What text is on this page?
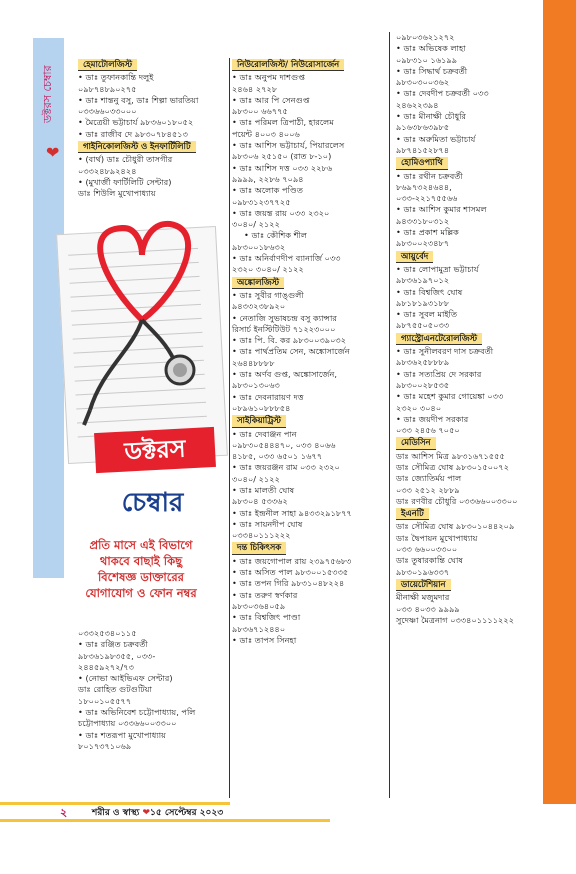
ডক্টরস চেম্বার
❤
হেমাটোলজিস্ট
• ডাঃ তুফানকান্তি দলুই
০৯৮৭৪৮৯০২৭৫
• ডাঃ শান্তনু বসু, ডাঃ শিল্পা ভারতিয়া
০৩৩৬৬০৩৩০০০
• মৈত্রেয়ী ভট্টাচার্য ৯৮৩৬০১৮০৫২
• ডাঃ রাজীব দে ৯৮৩০৭৮৪৫১৩
গাইনিকোলজিস্ট ও ইনফার্টিলিটি
• (বার্থ) ডাঃ চৌধুরী তাসগীর
০৩৩২৪৮৯২৪২৪
• (মুখার্জী ফার্টিলিটি সেন্টার)
ডাঃ শিউলি মুখোপাধ্যায়
ডক্টরস
চেম্বার
প্রতি মাসে এই বিভাগে
থাকবে বাছাই কিছু
বিশেষজ্ঞ ডাক্তারের
যোগাযোগ ও ফোন নম্বর
০৩৩২৫৩৪০১১৫
• ডাঃ রঞ্জিত চক্রবর্তী
৯৮৩৬১৯৮৩৫৫, ০৩৩-
২৪৪৫৯২৭২/৭৩
• (নোভা আইভিএফ সেন্টার)
ডাঃ রোহিত গুটগুটিয়া
১৮০০১০৫৫৭৭
• ডাঃ অভিনিবেশ চট্টোপাধ্যায়, পলি
চট্টোপাধ্যায় ০৩৩৬৬০০৩৩০০
• ডাঃ শতরূপা মুখোপাধ্যায়
৮০১৭৩৭১০৬৯
নিউরোলজিস্ট/ নিউরোসার্জেন
• ডাঃ অনুপম দাশগুপ্ত
২৪৬৪ ২৭২৮
• ডাঃ আর পি সেনগুপ্ত
৯৮৩০০ ৬৬৭৭৫
• ডাঃ পরিমল ত্রিপাঠী, হারলেম
পয়েন্ট ৪০০৩ ৪০০৬
• ডাঃ আশিস ভট্টাচার্য, পিয়ারলেস
৯৮৩০৬ ২৫১৫০ (রাত ৮-১০)
• ডাঃ আশিস দত্ত ০৩৩ ২২৮৬
৯৯৯৯, ২২৮৬ ৭০৯৪
• ডাঃ অলোক পণ্ডিত
০৯৮৩১২৩৭৭২৫
• ডাঃ জয়ন্ত রায় ০৩৩ ২৩২০
৩০৪০/ ২১২২
• ডাঃ কৌশিক শীল
৯৮৩০০১৮৬৩২
• ডাঃ অনির্বাণদীপ ব্যানার্জি ০৩৩
২৩২০ ৩০৪০/ ২১২২
অঙ্কোলজিস্ট
• ডাঃ সুবীর গাঙ্গুলী
৯৪৩৩২৩৮৯২০
• নেতাজি সুভাষচন্দ্র বসু ক্যান্সার
রিসার্চ ইনস্টিটিউট ৭১২২৩০০০
• ডাঃ পি. বি. কর ৯৮৩০০৩৯০৩২
• ডাঃ পার্থপ্রতিম সেন, অঙ্কোসার্জেন
২৬৪৪৮৮৮৮
• ডাঃ অর্ণব গুপ্ত, অঙ্কোসার্জেন,
৯৮৩০১৩০৬৩
• ডাঃ দেবনারায়ণ দত্ত
০৮৯৬১০৮৮৮৫৪
সাইকিয়াট্রিস্ট
• ডাঃ দেবাঞ্জন পান
০৯৮৩০৫৪৪৪৭০, ০৩৩ ৪০৬৬
৪১৮৫, ০৩৩ ৬৫০১ ১৬৭৭
• ডাঃ জয়রঞ্জন রাম ০৩৩ ২৩২০
৩০৪০/ ২১২২
• ডাঃ মালতী ঘোষ
৯৮৩০৪ ৫৩৩৬২
• ডাঃ ইন্দ্রনীল সাহা ৯৪৩৩২৯১৮৭৭
• ডাঃ সায়নদীপ ঘোষ
০৩৩৪০১১১২২২
দন্ত চিকিৎসক
• ডাঃ জয়গোপাল রায় ২৩৯৭৫৬৮৩
• ডাঃ অসিত পাল ৯৮৩০০১৫৩৩৫
• ডাঃ তপন গিরি ৯৮৩১০৪৮২২৪
• ডাঃ তরুণ স্বর্ণকার
৯৮৩০৩৬৪০৫৯
• ডাঃ বিশ্বজিৎ পাণ্ডা
৯৮৩৬৭১২৪৪০
• ডাঃ তাপস সিনহা
০৯৮০৩৬২১২৭২
• ডাঃ অভিষেক লাহা
০৯৮৩১০ ১৬১৯৯
• ডাঃ সিদ্ধার্থ চক্রবর্তী
৯৮৩০৩০০৩৬২
• ডাঃ দেবদীপ চক্রবর্তী ০৩৩
২৪৬২২৩৯৪
• ডাঃ মীনাক্ষী চৌধুরি
৯১৬৩৮৬৩৯৮৫
• ডাঃ অরুমিতা ভট্টাচার্য
৯৮৭৪১৫২৮৭৪
হোমিওপ্যাথি
• ডাঃ রথীন চক্রবর্তী
৮৬৯৭৩২৪৬৪৪,
০৩৩-২২১৭৫৫৬৬
• ডাঃ আশিস কুমার শাসমল
৯৪৩৩১৮০৩১২
• ডাঃ প্রকাশ মল্লিক
৯৮৩০০২৩৪৮৭
আয়ুর্বেদ
• ডাঃ লোপামুদ্রা ভট্টাচার্য
৯৮৩৬১৯৭০১২
• ডাঃ বিশ্বজিৎ ঘোষ
৯৮১৮১৯৩১৮৮
• ডাঃ সুবল মাইতি
৯৮৭৫৫০৫০৩৩
গ্যাস্ট্রোএনটেরোলজিস্ট
• ডাঃ সুনীলবরণ দাস চক্রবর্তী
৯৮৩৬২৫৮৮৮৯
• ডাঃ সত্যপ্রিয় দে সরকার
৯৮৩০০২৮৫৩৫
• ডাঃ মহেশ কুমার গোয়েঙ্কা ০৩৩
২৩২০ ৩০৪০
• ডাঃ জয়দীপ সরকার
০৩৩ ২৪৫৬ ৭০৫০
মেডিসিন
ডাঃ আশিস মিত্র ৯৮৩১৬৭১৫৫৫
ডাঃ সৌমিত্র ঘোষ ৯৮৩০১৫০০৭২
ডাঃ জ্যোতির্ময় পাল
০৩৩ ২৫১২ ২৮৮৯
ডাঃ রণবীর চৌধুরি ০৩৩৬৬০০৩৩০০
ইএনটি
ডাঃ সৌমিত্র ঘোষ ৯৮৩০১০৪৪২০৯
ডাঃ দ্বৈপায়ন মুখোপাধ্যায়
০৩৩ ৬৬০০৩৩০০
ডাঃ তুষারকান্তি ঘোষ
৯৮৩০১৯৬৩৩৭
ডায়েটেশিয়ান
মীনাক্ষী মজুমদার
০৩৩ ৪০৩৩ ৯৯৯৯
সুদেষ্ণা মৈত্রনাগ ০৩৩৪০১১১১২২২
২	শরীর ও স্বাস্থ্য ❤১৫ সেপ্টেম্বর ২০২৩
